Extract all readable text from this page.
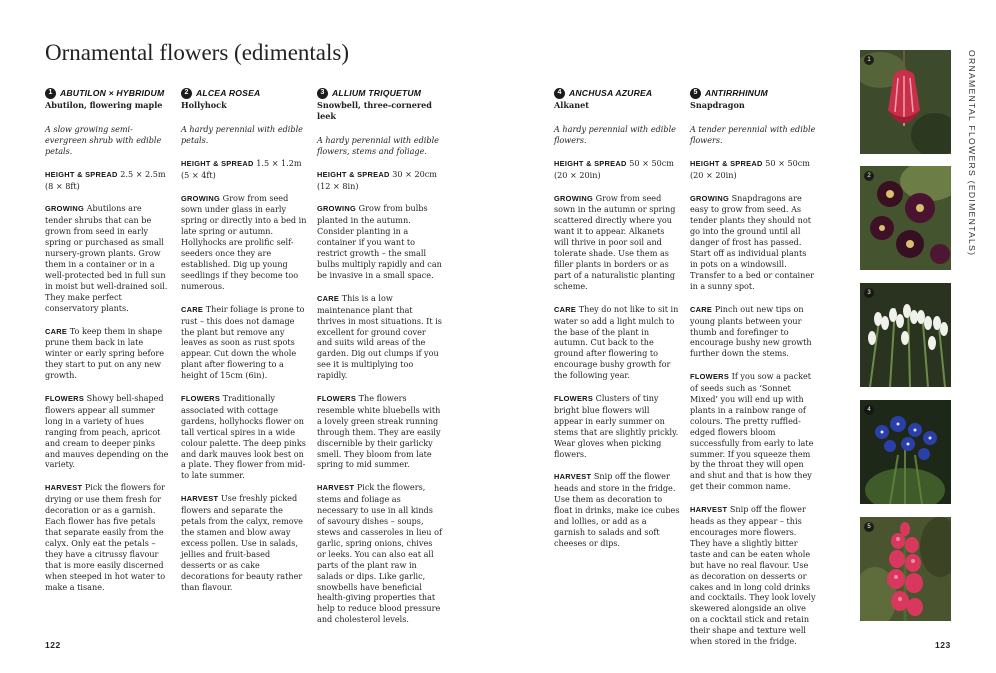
Ornamental flowers (edimentals)
1 ABUTILON × HYBRIDUM

Abutilon, flowering maple

A slow growing semi-evergreen shrub with edible petals.

HEIGHT & SPREAD 2.5 × 2.5m (8 × 8ft)

GROWING Abutilons are tender shrubs that can be grown from seed in early spring or purchased as small nursery-grown plants. Grow them in a container or in a well-protected bed in full sun in moist but well-drained soil. They make perfect conservatory plants.

CARE To keep them in shape prune them back in late winter or early spring before they start to put on any new growth.

FLOWERS Showy bell-shaped flowers appear all summer long in a variety of hues ranging from peach, apricot and cream to deeper pinks and mauves depending on the variety.

HARVEST Pick the flowers for drying or use them fresh for decoration or as a garnish. Each flower has five petals that separate easily from the calyx. Only eat the petals – they have a citrussy flavour that is more easily discerned when steeped in hot water to make a tisane.

2 ALCEA ROSEA

Hollyhock

A hardy perennial with edible petals.

HEIGHT & SPREAD 1.5 × 1.2m (5 × 4ft)

GROWING Grow from seed sown under glass in early spring or directly into a bed in late spring or autumn. Hollyhocks are prolific self-seeders once they are established. Dig up young seedlings if they become too numerous.

CARE Their foliage is prone to rust – this does not damage the plant but remove any leaves as soon as rust spots appear. Cut down the whole plant after flowering to a height of 15cm (6in).

FLOWERS Traditionally associated with cottage gardens, hollyhocks flower on tall vertical spires in a wide colour palette. The deep pinks and dark mauves look best on a plate. They flower from mid- to late summer.

HARVEST Use freshly picked flowers and separate the petals from the calyx, remove the stamen and blow away excess pollen. Use in salads, jellies and fruit-based desserts or as cake decorations for beauty rather than flavour.

3 ALLIUM TRIQUETUM

Snowbell, three-cornered leek

A hardy perennial with edible flowers, stems and foliage.

HEIGHT & SPREAD 30 × 20cm (12 × 8in)

GROWING Grow from bulbs planted in the autumn. Consider planting in a container if you want to restrict growth – the small bulbs multiply rapidly and can be invasive in a small space.

CARE This is a low maintenance plant that thrives in most situations. It is excellent for ground cover and suits wild areas of the garden. Dig out clumps if you see it is multiplying too rapidly.

FLOWERS The flowers resemble white bluebells with a lovely green streak running through them. They are easily discernible by their garlicky smell. They bloom from late spring to mid summer.

HARVEST Pick the flowers, stems and foliage as necessary to use in all kinds of savoury dishes – soups, stews and casseroles in lieu of garlic, spring onions, chives or leeks. You can also eat all parts of the plant raw in salads or dips. Like garlic, snowbells have beneficial health-giving properties that help to reduce blood pressure and cholesterol levels.

4 ANCHUSA AZUREA

Alkanet

A hardy perennial with edible flowers.

HEIGHT & SPREAD 50 × 50cm (20 × 20in)

GROWING Grow from seed sown in the autumn or spring scattered directly where you want it to appear. Alkanets will thrive in poor soil and tolerate shade. Use them as filler plants in borders or as part of a naturalistic planting scheme.

CARE They do not like to sit in water so add a light mulch to the base of the plant in autumn. Cut back to the ground after flowering to encourage bushy growth for the following year.

FLOWERS Clusters of tiny bright blue flowers will appear in early summer on stems that are slightly prickly. Wear gloves when picking flowers.

HARVEST Snip off the flower heads and store in the fridge. Use them as decoration to float in drinks, make ice cubes and lollies, or add as a garnish to salads and soft cheeses or dips.

5 ANTIRRHINUM

Snapdragon

A tender perennial with edible flowers.

HEIGHT & SPREAD 50 × 50cm (20 × 20in)

GROWING Snapdragons are easy to grow from seed. As tender plants they should not go into the ground until all danger of frost has passed. Start off as individual plants in pots on a windowsill. Transfer to a bed or container in a sunny spot.

CARE Pinch out new tips on young plants between your thumb and forefinger to encourage bushy new growth further down the stems.

FLOWERS If you sow a packet of seeds such as ‘Sonnet Mixed’ you will end up with plants in a rainbow range of colours. The pretty ruffled-edged flowers bloom successfully from early to late summer. If you squeeze them by the throat they will open and shut and that is how they get their common name.

HARVEST Snip off the flower heads as they appear – this encourages more flowers. They have a slightly bitter taste and can be eaten whole but have no real flavour. Use as decoration on desserts or cakes and in long cold drinks and cocktails. They look lovely skewered alongside an olive on a cocktail stick and retain their shape and texture well when stored in the fridge.

122	123
ORNAMENTAL FLOWERS (EDIMENTALS)
1
2
3
4
5
